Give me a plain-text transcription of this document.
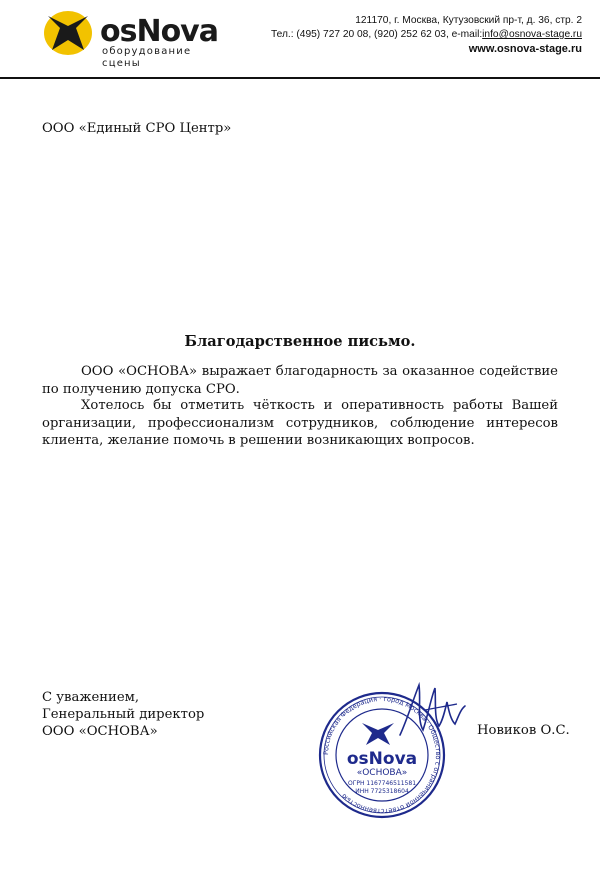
osNova
оборудование сцены
121170, г. Москва, Кутузовский пр-т, д. 36, стр. 2
Тел.: (495) 727 20 08, (920) 252 62 03, e-mail:info@osnova-stage.ru
www.osnova-stage.ru
ООО «Единый СРО Центр»
Благодарственное письмо.

ООО «ОСНОВА» выражает благодарность за оказанное содействие по получению допуска СРО.

Хотелось бы отметить чёткость и оперативность работы Вашей организации, профессионализм сотрудников, соблюдение интересов клиента, желание помочь в решении возникающих вопросов.

С уважением,
Генеральный директор
ООО «ОСНОВА»	Новиков О.С.
Российская Федерация · город Москва · Общество с ограниченной ответственностью
osNova
«ОСНОВА»
ОГРН 1167746511581
ИНН 7725318604
